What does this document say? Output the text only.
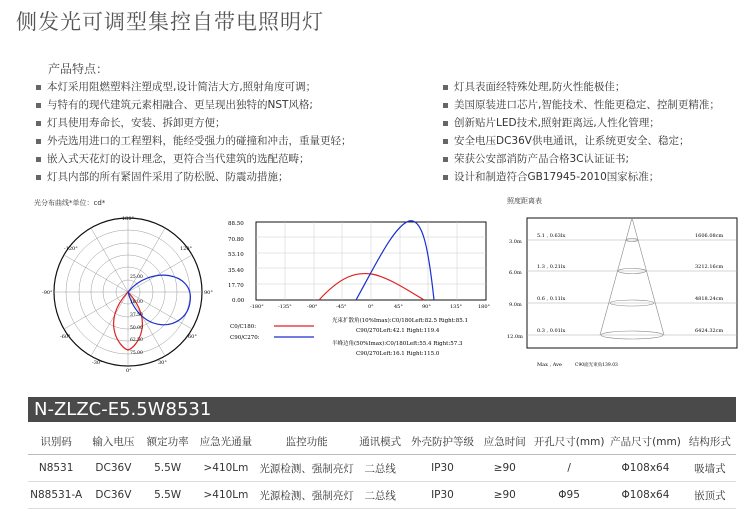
侧发光可调型集控自带电照明灯
产品特点：
本灯采用阻燃塑料注塑成型,设计简洁大方,照射角度可调；
与特有的现代建筑元素相融合、更呈现出独特的NST风格;
灯具使用寿命长，安装、拆卸更方便；
外壳选用进口的工程塑料，能经受强力的碰撞和冲击，重量更轻；
嵌入式天花灯的设计理念，更符合当代建筑的选配范畴；
灯具内部的所有紧固件采用了防松脱、防震动措施；
灯具表面经特殊处理,防火性能极佳；
美国原装进口芯片,智能技术、性能更稳定、控制更精准；
创新贴片LED技术,照射距离远,人性化管理；
安全电压DC36V供电通讯，让系统更安全、稳定；
荣获公安部消防产品合格3C认证证书;
设计和制造符合GB17945-2010国家标准；
光分布曲线*单位：cd*
180°
-120°	120°
-90°	90°
-60°	60°
-30°	30°
0°
25.00
18.00
37.50
50.00
62.50
75.00
88.50
70.80
53.10
35.40
17.70
0.00
-180°	-135°	-90°	-45°	0°	45°	90°	135°	180°
C0/C180:
C90/C270:
光束扩散角(10%Imax):C0/180Left:82.5 Right:85.1
C90/270Left:42.1 Right:119.4
半峰边角(50%Imax):C0/180Left:55.4 Right:57.3
C90/270Left:16.1 Right:115.0
照度距离表
3.0m
6.0m
9.0m
12.0m
5.1 , 0.63lx
1.3 , 0.21lx
0.6 , 0.11lx
0.3 , 0.01lx
1606.08cm
3212.16cm
4818.24cm
6424.32cm
Max , Ave	C90面光束角139.03
N-ZLZC-E5.5W8531
识别码	输入电压	额定功率	应急光通量	监控功能	通讯模式	外壳防护等级	应急时间	开孔尺寸(mm)	产品尺寸(mm)	结构形式
N8531	DC36V	5.5W	>410Lm	光源检测、强制亮灯	二总线	IP30	≥90	/	Φ108x64	吸墙式
N88531-A	DC36V	5.5W	>410Lm	光源检测、强制亮灯	二总线	IP30	≥90	Φ95	Φ108x64	嵌顶式
